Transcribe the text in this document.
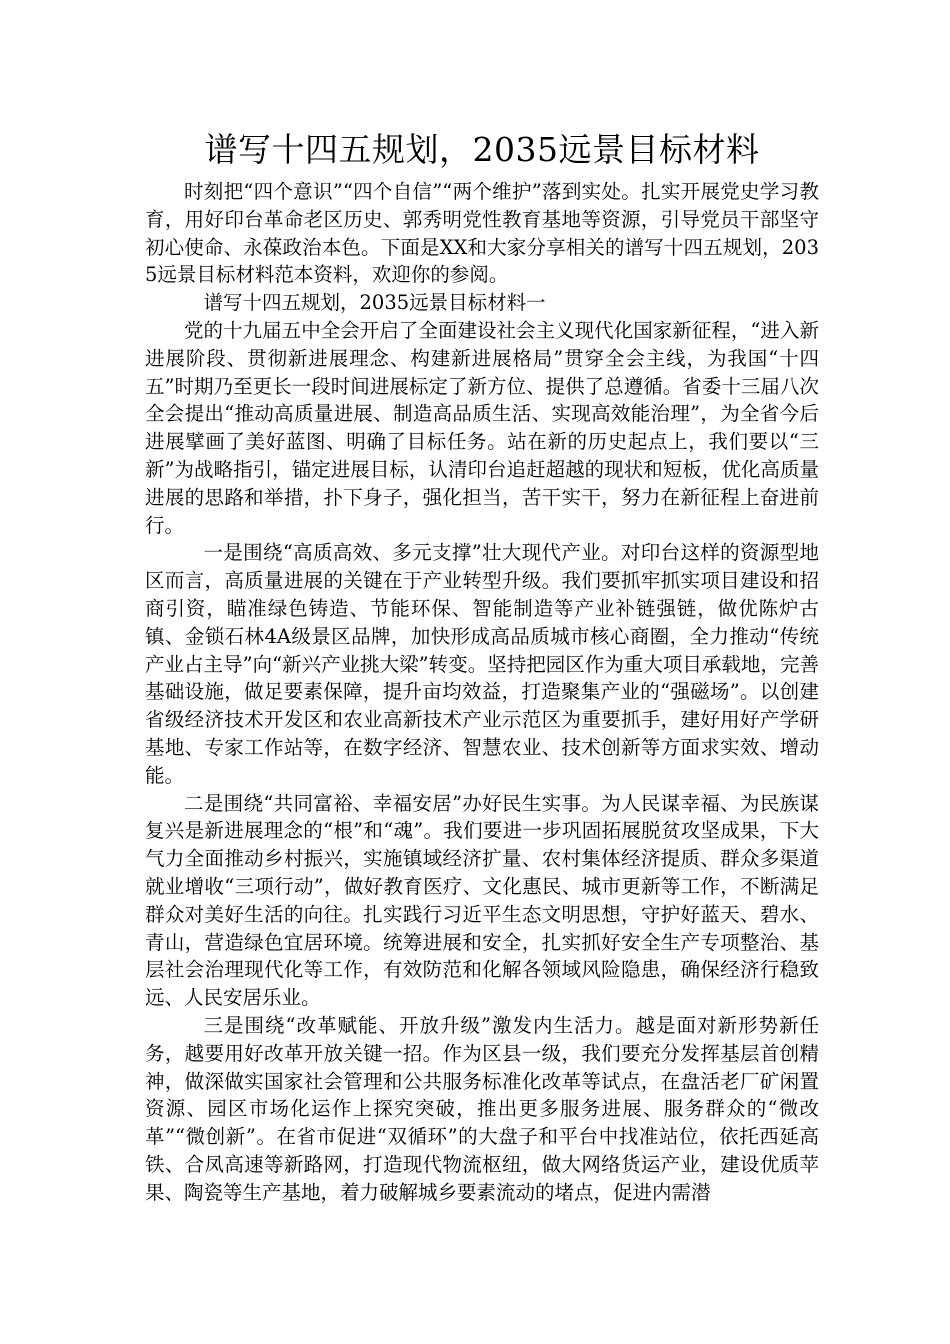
谱写十四五规划，2035远景目标材料

时刻把“四个意识”“四个自信”“两个维护”落到实处。扎实开展党史学习教育，用好印台革命老区历史、郭秀明党性教育基地等资源，引导党员干部坚守初心使命、永葆政治本色。下面是XX和大家分享相关的谱写十四五规划，2035远景目标材料范本资料，欢迎你的参阅。

谱写十四五规划，2035远景目标材料一

党的十九届五中全会开启了全面建设社会主义现代化国家新征程，“进入新进展阶段、贯彻新进展理念、构建新进展格局”贯穿全会主线，为我国“十四五”时期乃至更长一段时间进展标定了新方位、提供了总遵循。省委十三届八次全会提出“推动高质量进展、制造高品质生活、实现高效能治理”，为全省今后进展擘画了美好蓝图、明确了目标任务。站在新的历史起点上，我们要以“三新”为战略指引，锚定进展目标，认清印台追赶超越的现状和短板，优化高质量进展的思路和举措，扑下身子，强化担当，苦干实干，努力在新征程上奋进前行。

一是围绕“高质高效、多元支撑”壮大现代产业。对印台这样的资源型地区而言，高质量进展的关键在于产业转型升级。我们要抓牢抓实项目建设和招商引资，瞄准绿色铸造、节能环保、智能制造等产业补链强链，做优陈炉古镇、金锁石林4A级景区品牌，加快形成高品质城市核心商圈，全力推动“传统产业占主导”向“新兴产业挑大梁”转变。坚持把园区作为重大项目承载地，完善基础设施，做足要素保障，提升亩均效益，打造聚集产业的“强磁场”。以创建省级经济技术开发区和农业高新技术产业示范区为重要抓手，建好用好产学研基地、专家工作站等，在数字经济、智慧农业、技术创新等方面求实效、增动能。

二是围绕“共同富裕、幸福安居”办好民生实事。为人民谋幸福、为民族谋复兴是新进展理念的“根”和“魂”。我们要进一步巩固拓展脱贫攻坚成果，下大气力全面推动乡村振兴，实施镇域经济扩量、农村集体经济提质、群众多渠道就业增收“三项行动”，做好教育医疗、文化惠民、城市更新等工作，不断满足群众对美好生活的向往。扎实践行习近平生态文明思想，守护好蓝天、碧水、青山，营造绿色宜居环境。统筹进展和安全，扎实抓好安全生产专项整治、基层社会治理现代化等工作，有效防范和化解各领域风险隐患，确保经济行稳致远、人民安居乐业。

三是围绕“改革赋能、开放升级”激发内生活力。越是面对新形势新任务，越要用好改革开放关键一招。作为区县一级，我们要充分发挥基层首创精神，做深做实国家社会管理和公共服务标准化改革等试点，在盘活老厂矿闲置资源、园区市场化运作上探究突破，推出更多服务进展、服务群众的“微改革”“微创新”。在省市促进“双循环”的大盘子和平台中找准站位，依托西延高铁、合凤高速等新路网，打造现代物流枢纽，做大网络货运产业，建设优质苹果、陶瓷等生产基地，着力破解城乡要素流动的堵点，促进内需潜
